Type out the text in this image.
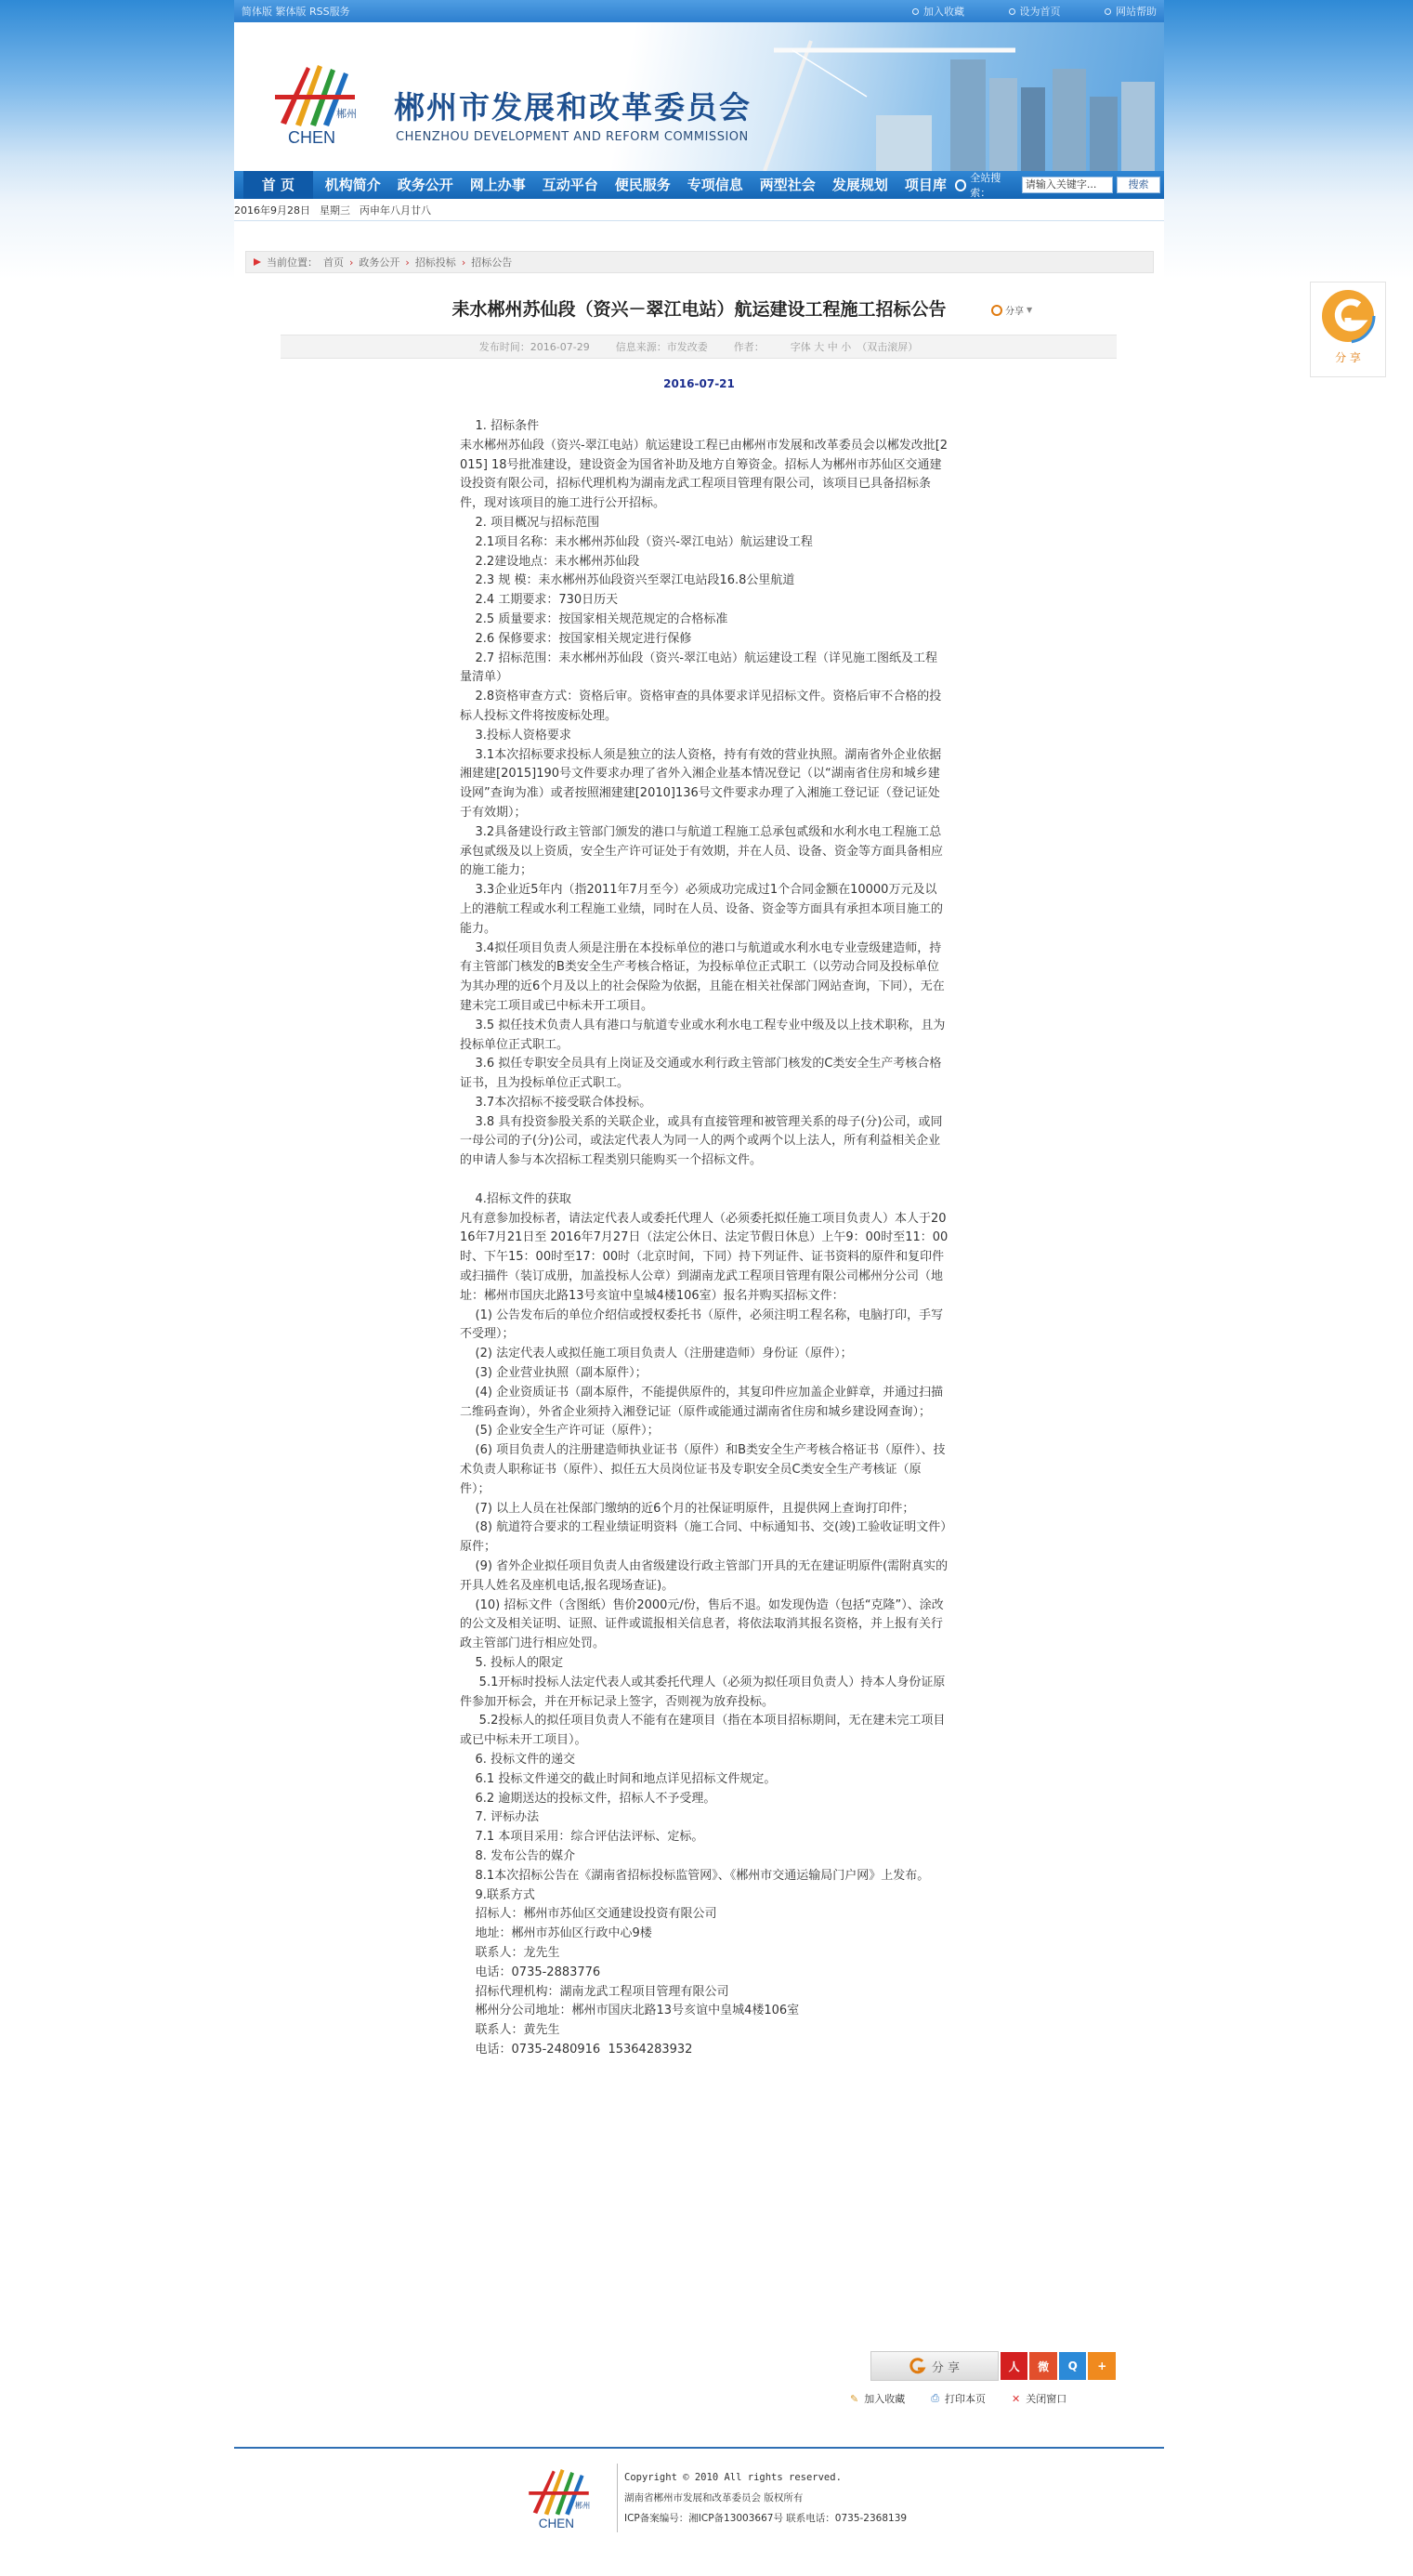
简体版 繁体版 RSS服务	加入收藏
	设为首页
	网站帮助
郴州
CHEN
郴州市发展和改革委员会
CHENZHOU DEVELOPMENT AND REFORM COMMISSION
首 页	机构简介	政务公开	网上办事	互动平台	便民服务	专项信息	两型社会	发展规划	项目库	全站搜索：
请输入关键字...	搜索
2016年9月28日 星期三 丙申年八月廿八
当前位置： 首页 › 政务公开 › 招标投标 › 招标公告
耒水郴州苏仙段（资兴－翠江电站）航运建设工程施工招标公告	分享 ▼
发布时间：2016-07-29	信息来源：市发改委	作者：	字体 大 中 小 （双击滚屏）
2016-07-21

1. 招标条件

耒水郴州苏仙段（资兴-翠江电站）航运建设工程已由郴州市发展和改革委员会以郴发改批[2015] 18号批准建设，建设资金为国省补助及地方自筹资金。招标人为郴州市苏仙区交通建设投资有限公司，招标代理机构为湖南龙武工程项目管理有限公司，该项目已具备招标条件，现对该项目的施工进行公开招标。

2. 项目概况与招标范围

2.1项目名称：耒水郴州苏仙段（资兴-翠江电站）航运建设工程

2.2建设地点：耒水郴州苏仙段

2.3 规 模：耒水郴州苏仙段资兴至翠江电站段16.8公里航道

2.4 工期要求：730日历天

2.5 质量要求：按国家相关规范规定的合格标准

2.6 保修要求：按国家相关规定进行保修

2.7 招标范围：耒水郴州苏仙段（资兴-翠江电站）航运建设工程（详见施工图纸及工程量清单）

2.8资格审查方式：资格后审。资格审查的具体要求详见招标文件。资格后审不合格的投标人投标文件将按废标处理。

3.投标人资格要求

3.1本次招标要求投标人须是独立的法人资格，持有有效的营业执照。湖南省外企业依据湘建建[2015]190号文件要求办理了省外入湘企业基本情况登记（以“湖南省住房和城乡建设网”查询为准）或者按照湘建建[2010]136号文件要求办理了入湘施工登记证（登记证处于有效期）；

3.2具备建设行政主管部门颁发的港口与航道工程施工总承包贰级和水利水电工程施工总承包贰级及以上资质，安全生产许可证处于有效期，并在人员、设备、资金等方面具备相应的施工能力；

3.3企业近5年内（指2011年7月至今）必须成功完成过1个合同金额在10000万元及以上的港航工程或水利工程施工业绩，同时在人员、设备、资金等方面具有承担本项目施工的能力。

3.4拟任项目负责人须是注册在本投标单位的港口与航道或水利水电专业壹级建造师，持有主管部门核发的B类安全生产考核合格证，为投标单位正式职工（以劳动合同及投标单位为其办理的近6个月及以上的社会保险为依据，且能在相关社保部门网站查询，下同），无在建未完工项目或已中标未开工项目。

3.5 拟任技术负责人具有港口与航道专业或水利水电工程专业中级及以上技术职称，且为投标单位正式职工。

3.6 拟任专职安全员具有上岗证及交通或水利行政主管部门核发的C类安全生产考核合格证书，且为投标单位正式职工。

3.7本次招标不接受联合体投标。

3.8 具有投资参股关系的关联企业，或具有直接管理和被管理关系的母子(分)公司，或同一母公司的子(分)公司，或法定代表人为同一人的两个或两个以上法人，所有利益相关企业的申请人参与本次招标工程类别只能购买一个招标文件。

4.招标文件的获取

凡有意参加投标者，请法定代表人或委托代理人（必须委托拟任施工项目负责人）本人于2016年7月21日至 2016年7月27日（法定公休日、法定节假日休息）上午9：00时至11：00时、下午15：00时至17：00时（北京时间，下同）持下列证件、证书资料的原件和复印件或扫描件（装订成册，加盖投标人公章）到湖南龙武工程项目管理有限公司郴州分公司（地址：郴州市国庆北路13号亥谊中皇城4楼106室）报名并购买招标文件：

(1) 公告发布后的单位介绍信或授权委托书（原件，必须注明工程名称，电脑打印，手写不受理）；

(2) 法定代表人或拟任施工项目负责人（注册建造师）身份证（原件）；

(3) 企业营业执照（副本原件）；

(4) 企业资质证书（副本原件，不能提供原件的，其复印件应加盖企业鲜章，并通过扫描二维码查询），外省企业须持入湘登记证（原件或能通过湖南省住房和城乡建设网查询）；

(5) 企业安全生产许可证（原件）；

(6) 项目负责人的注册建造师执业证书（原件）和B类安全生产考核合格证书（原件）、技术负责人职称证书（原件）、拟任五大员岗位证书及专职安全员C类安全生产考核证（原件）；

(7) 以上人员在社保部门缴纳的近6个月的社保证明原件，且提供网上查询打印件；

(8) 航道符合要求的工程业绩证明资料（施工合同、中标通知书、交(竣)工验收证明文件）原件；

(9) 省外企业拟任项目负责人由省级建设行政主管部门开具的无在建证明原件(需附真实的开具人姓名及座机电话,报名现场查证)。

(10) 招标文件（含图纸）售价2000元/份，售后不退。如发现伪造（包括“克隆”）、涂改的公文及相关证明、证照、证件或谎报相关信息者，将依法取消其报名资格，并上报有关行政主管部门进行相应处罚。

5. 投标人的限定

5.1开标时投标人法定代表人或其委托代理人（必须为拟任项目负责人）持本人身份证原件参加开标会，并在开标记录上签字，否则视为放弃投标。

5.2投标人的拟任项目负责人不能有在建项目（指在本项目招标期间，无在建未完工项目或已中标未开工项目）。

6. 投标文件的递交

6.1 投标文件递交的截止时间和地点详见招标文件规定。

6.2 逾期送达的投标文件，招标人不予受理。

7. 评标办法

7.1 本项目采用：综合评估法评标、定标。

8. 发布公告的媒介

8.1本次招标公告在《湖南省招标投标监管网》、《郴州市交通运输局门户网》上发布。

9.联系方式

招标人：郴州市苏仙区交通建设投资有限公司

地址：郴州市苏仙区行政中心9楼

联系人：龙先生

电话：0735-2883776

招标代理机构：湖南龙武工程项目管理有限公司

郴州分公司地址：郴州市国庆北路13号亥谊中皇城4楼106室

联系人：黄先生

电话：0735-2480916  15364283932

分 享	人	微	Q	+
✎ 加入收藏	⎙ 打印本页	✕ 关闭窗口
郴州
CHEN
Copyright © 2010 All rights reserved.
湖南省郴州市发展和改革委员会 版权所有
ICP备案编号：湘ICP备13003667号 联系电话：0735-2368139
分 享
